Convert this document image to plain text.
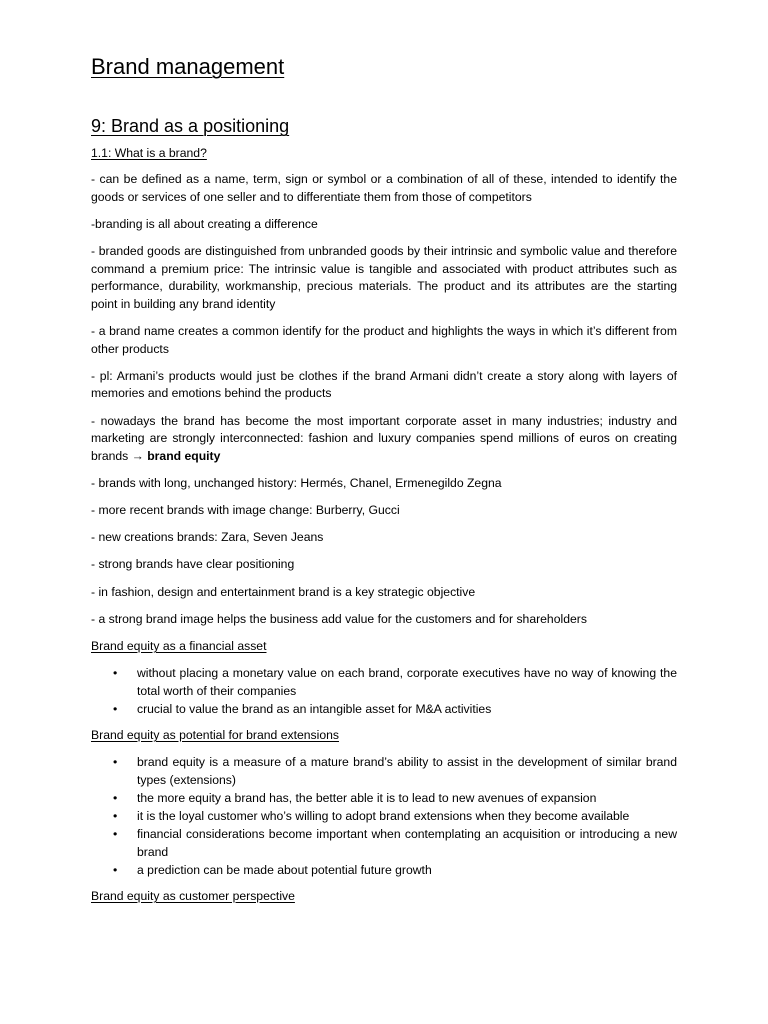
Brand management
9: Brand as a positioning
1.1: What is a brand?

- can be defined as a name, term, sign or symbol or a combination of all of these, intended to identify the goods or services of one seller and to differentiate them from those of competitors

-branding is all about creating a difference

- branded goods are distinguished from unbranded goods by their intrinsic and symbolic value and therefore command a premium price: The intrinsic value is tangible and associated with product attributes such as performance, durability, workmanship, precious materials. The product and its attributes are the starting point in building any brand identity

- a brand name creates a common identify for the product and highlights the ways in which it’s different from other products

- pl: Armani’s products would just be clothes if the brand Armani didn’t create a story along with layers of memories and emotions behind the products

- nowadays the brand has become the most important corporate asset in many industries; industry and marketing are strongly interconnected: fashion and luxury companies spend millions of euros on creating brands → brand equity

- brands with long, unchanged history: Hermés, Chanel, Ermenegildo Zegna

- more recent brands with image change: Burberry, Gucci

- new creations brands: Zara, Seven Jeans

- strong brands have clear positioning

- in fashion, design and entertainment brand is a key strategic objective

- a strong brand image helps the business add value for the customers and for shareholders

Brand equity as a financial asset
• without placing a monetary value on each brand, corporate executives have no way of knowing the total worth of their companies
• crucial to value the brand as an intangible asset for M&A activities
Brand equity as potential for brand extensions
• brand equity is a measure of a mature brand’s ability to assist in the development of similar brand types (extensions)
• the more equity a brand has, the better able it is to lead to new avenues of expansion
• it is the loyal customer who’s willing to adopt brand extensions when they become available
• financial considerations become important when contemplating an acquisition or introducing a new brand
• a prediction can be made about potential future growth
Brand equity as customer perspective
